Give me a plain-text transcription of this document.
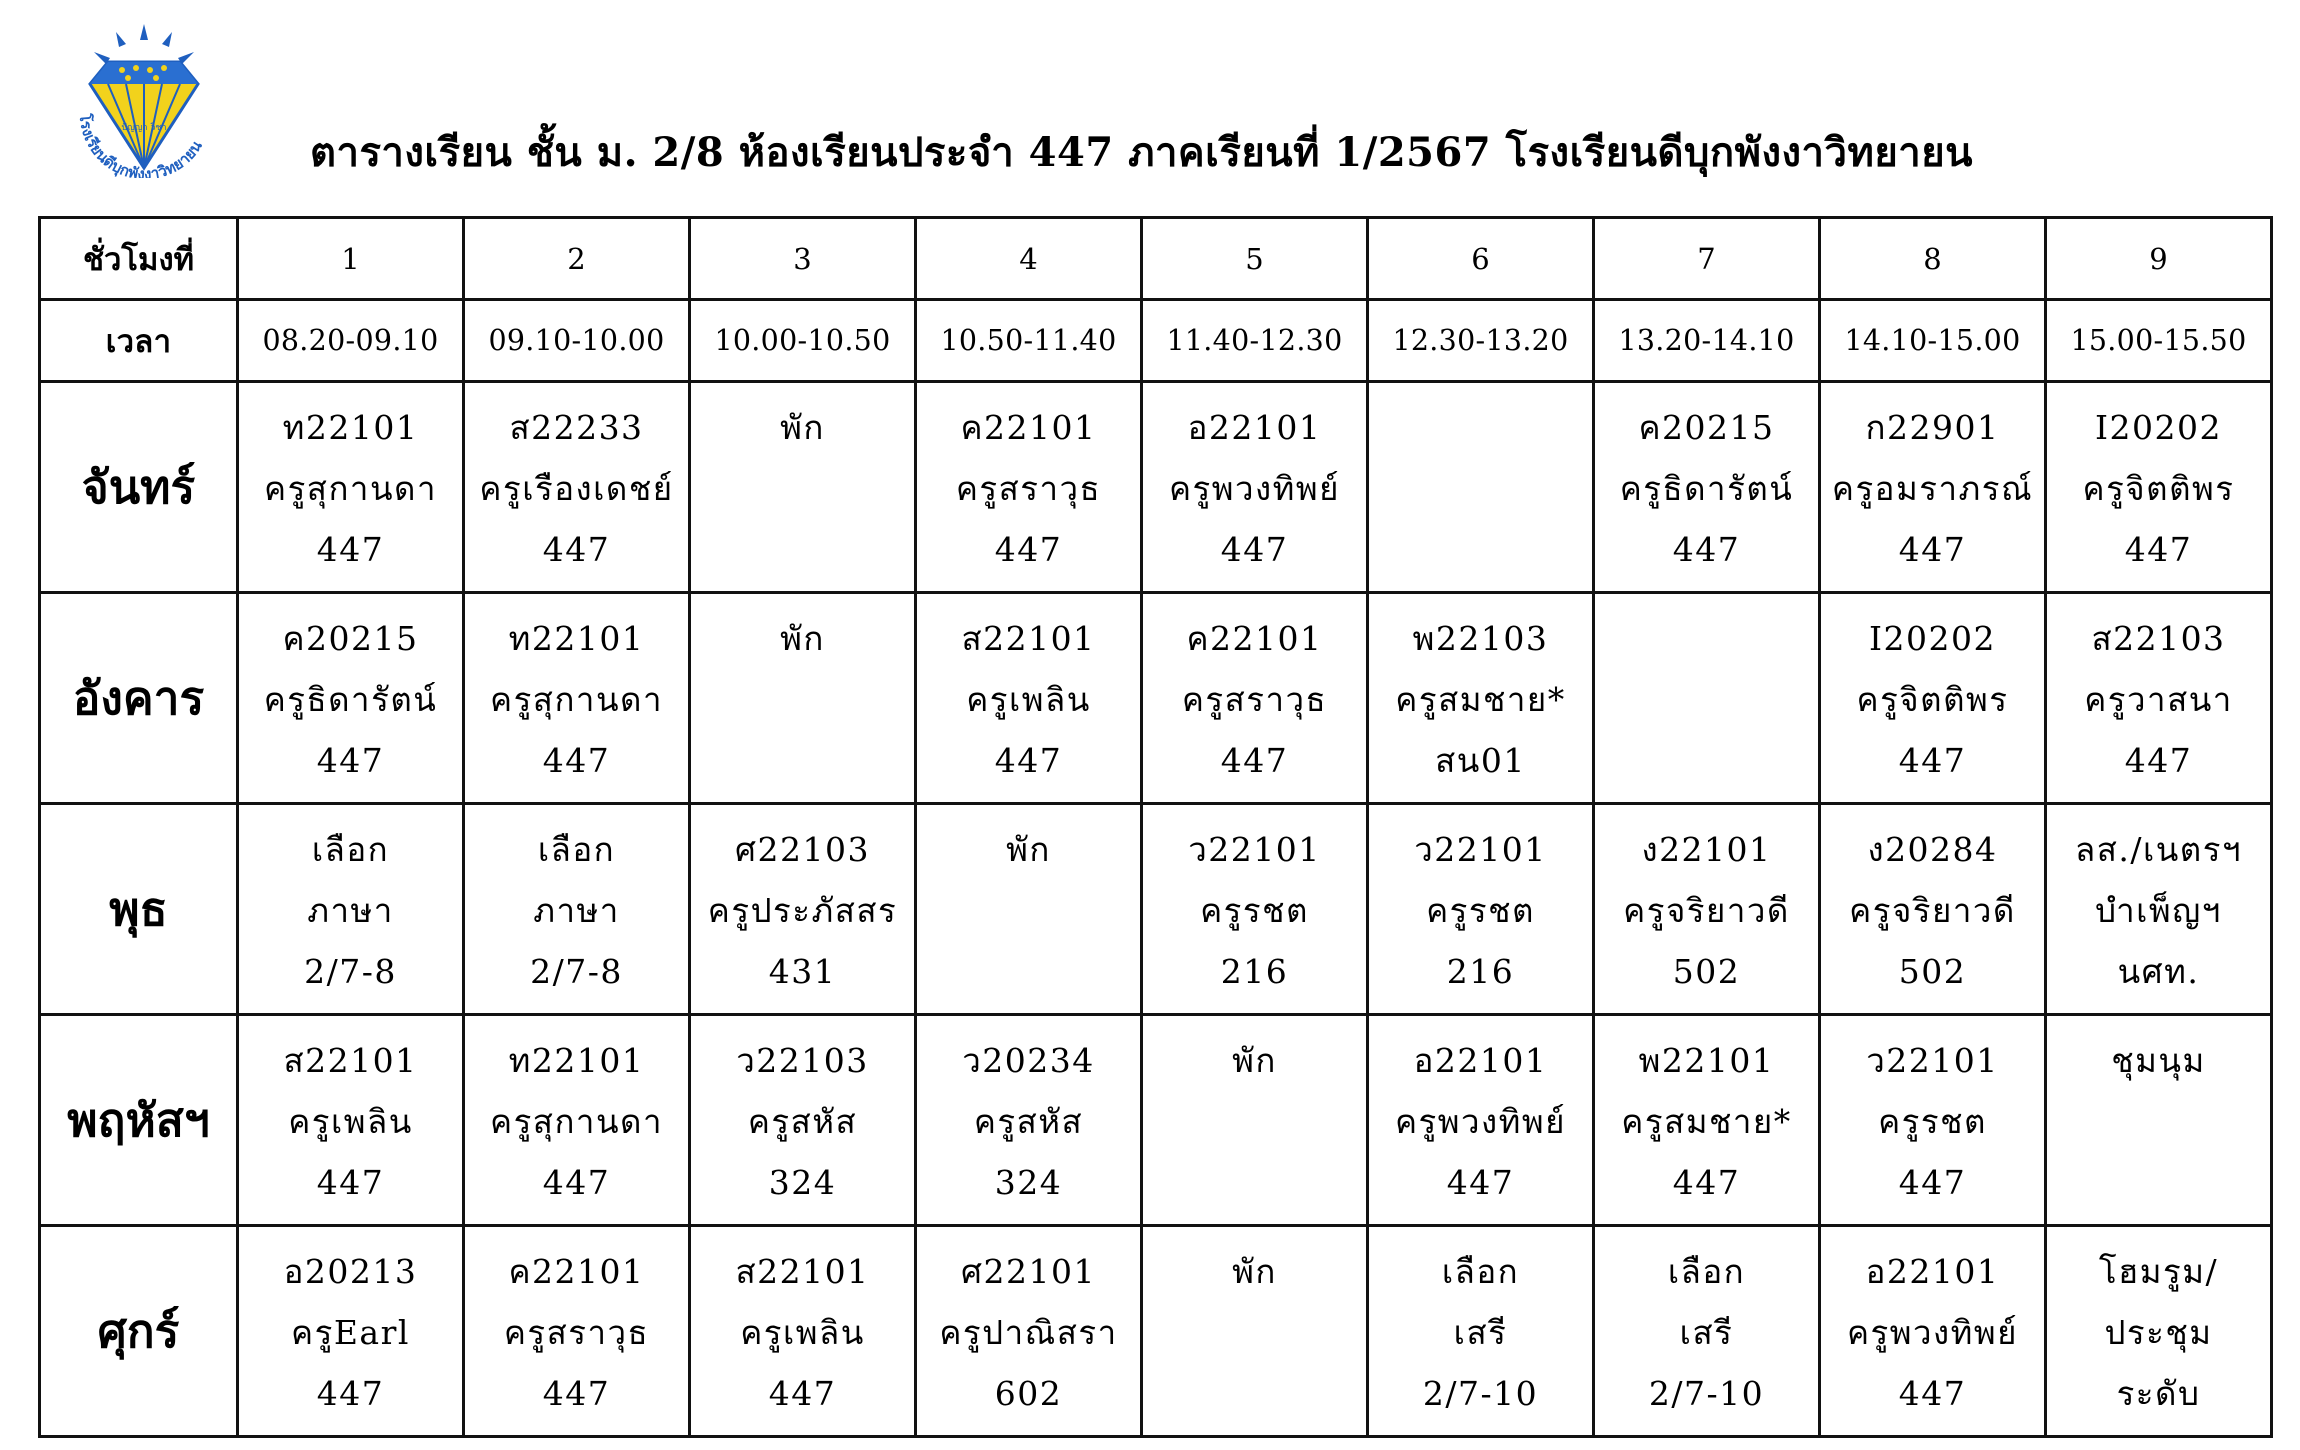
ปัญญา วิชา
โรงเรียนดีบุกพังงาวิทยายน	ตารางเรียน ชั้น ม. 2/8 ห้องเรียนประจำ 447 ภาคเรียนที่ 1/2567 โรงเรียนดีบุกพังงาวิทยายน
ชั่วโมงที่	1	2	3	4	5	6	7	8	9
เวลา	08.20-09.10	09.10-10.00	10.00-10.50	10.50-11.40	11.40-12.30	12.30-13.20	13.20-14.10	14.10-15.00	15.00-15.50
จันทร์	ท22101
ครูสุกานดา
447	ส22233
ครูเรืองเดชย์
447	พัก	ค22101
ครูสราวุธ
447	อ22101
ครูพวงทิพย์
447		ค20215
ครูธิดารัตน์
447	ก22901
ครูอมราภรณ์
447	I20202
ครูจิตติพร
447

อังคาร	ค20215
ครูธิดารัตน์
447	ท22101
ครูสุกานดา
447	พัก	ส22101
ครูเพลิน
447	ค22101
ครูสราวุธ
447	พ22103
ครูสมชาย*
สน01		I20202
ครูจิตติพร
447	ส22103
ครูวาสนา
447

พุธ	เลือก
ภาษา
2/7-8	เลือก
ภาษา
2/7-8	ศ22103
ครูประภัสสร
431	พัก	ว22101
ครูรชต
216	ว22101
ครูรชต
216	ง22101
ครูจริยาวดี
502	ง20284
ครูจริยาวดี
502	ลส./เนตรฯ
บำเพ็ญฯ
นศท.

พฤหัสฯ	ส22101
ครูเพลิน
447	ท22101
ครูสุกานดา
447	ว22103
ครูสหัส
324	ว20234
ครูสหัส
324	พัก	อ22101
ครูพวงทิพย์
447	พ22101
ครูสมชาย*
447	ว22101
ครูรชต
447	ชุมนุม

ศุกร์	อ20213
ครูEarl
447	ค22101
ครูสราวุธ
447	ส22101
ครูเพลิน
447	ศ22101
ครูปาณิสรา
602	พัก	เลือก
เสรี
2/7-10	เลือก
เสรี
2/7-10	อ22101
ครูพวงทิพย์
447	โฮมรูม/
ประชุม
ระดับ
